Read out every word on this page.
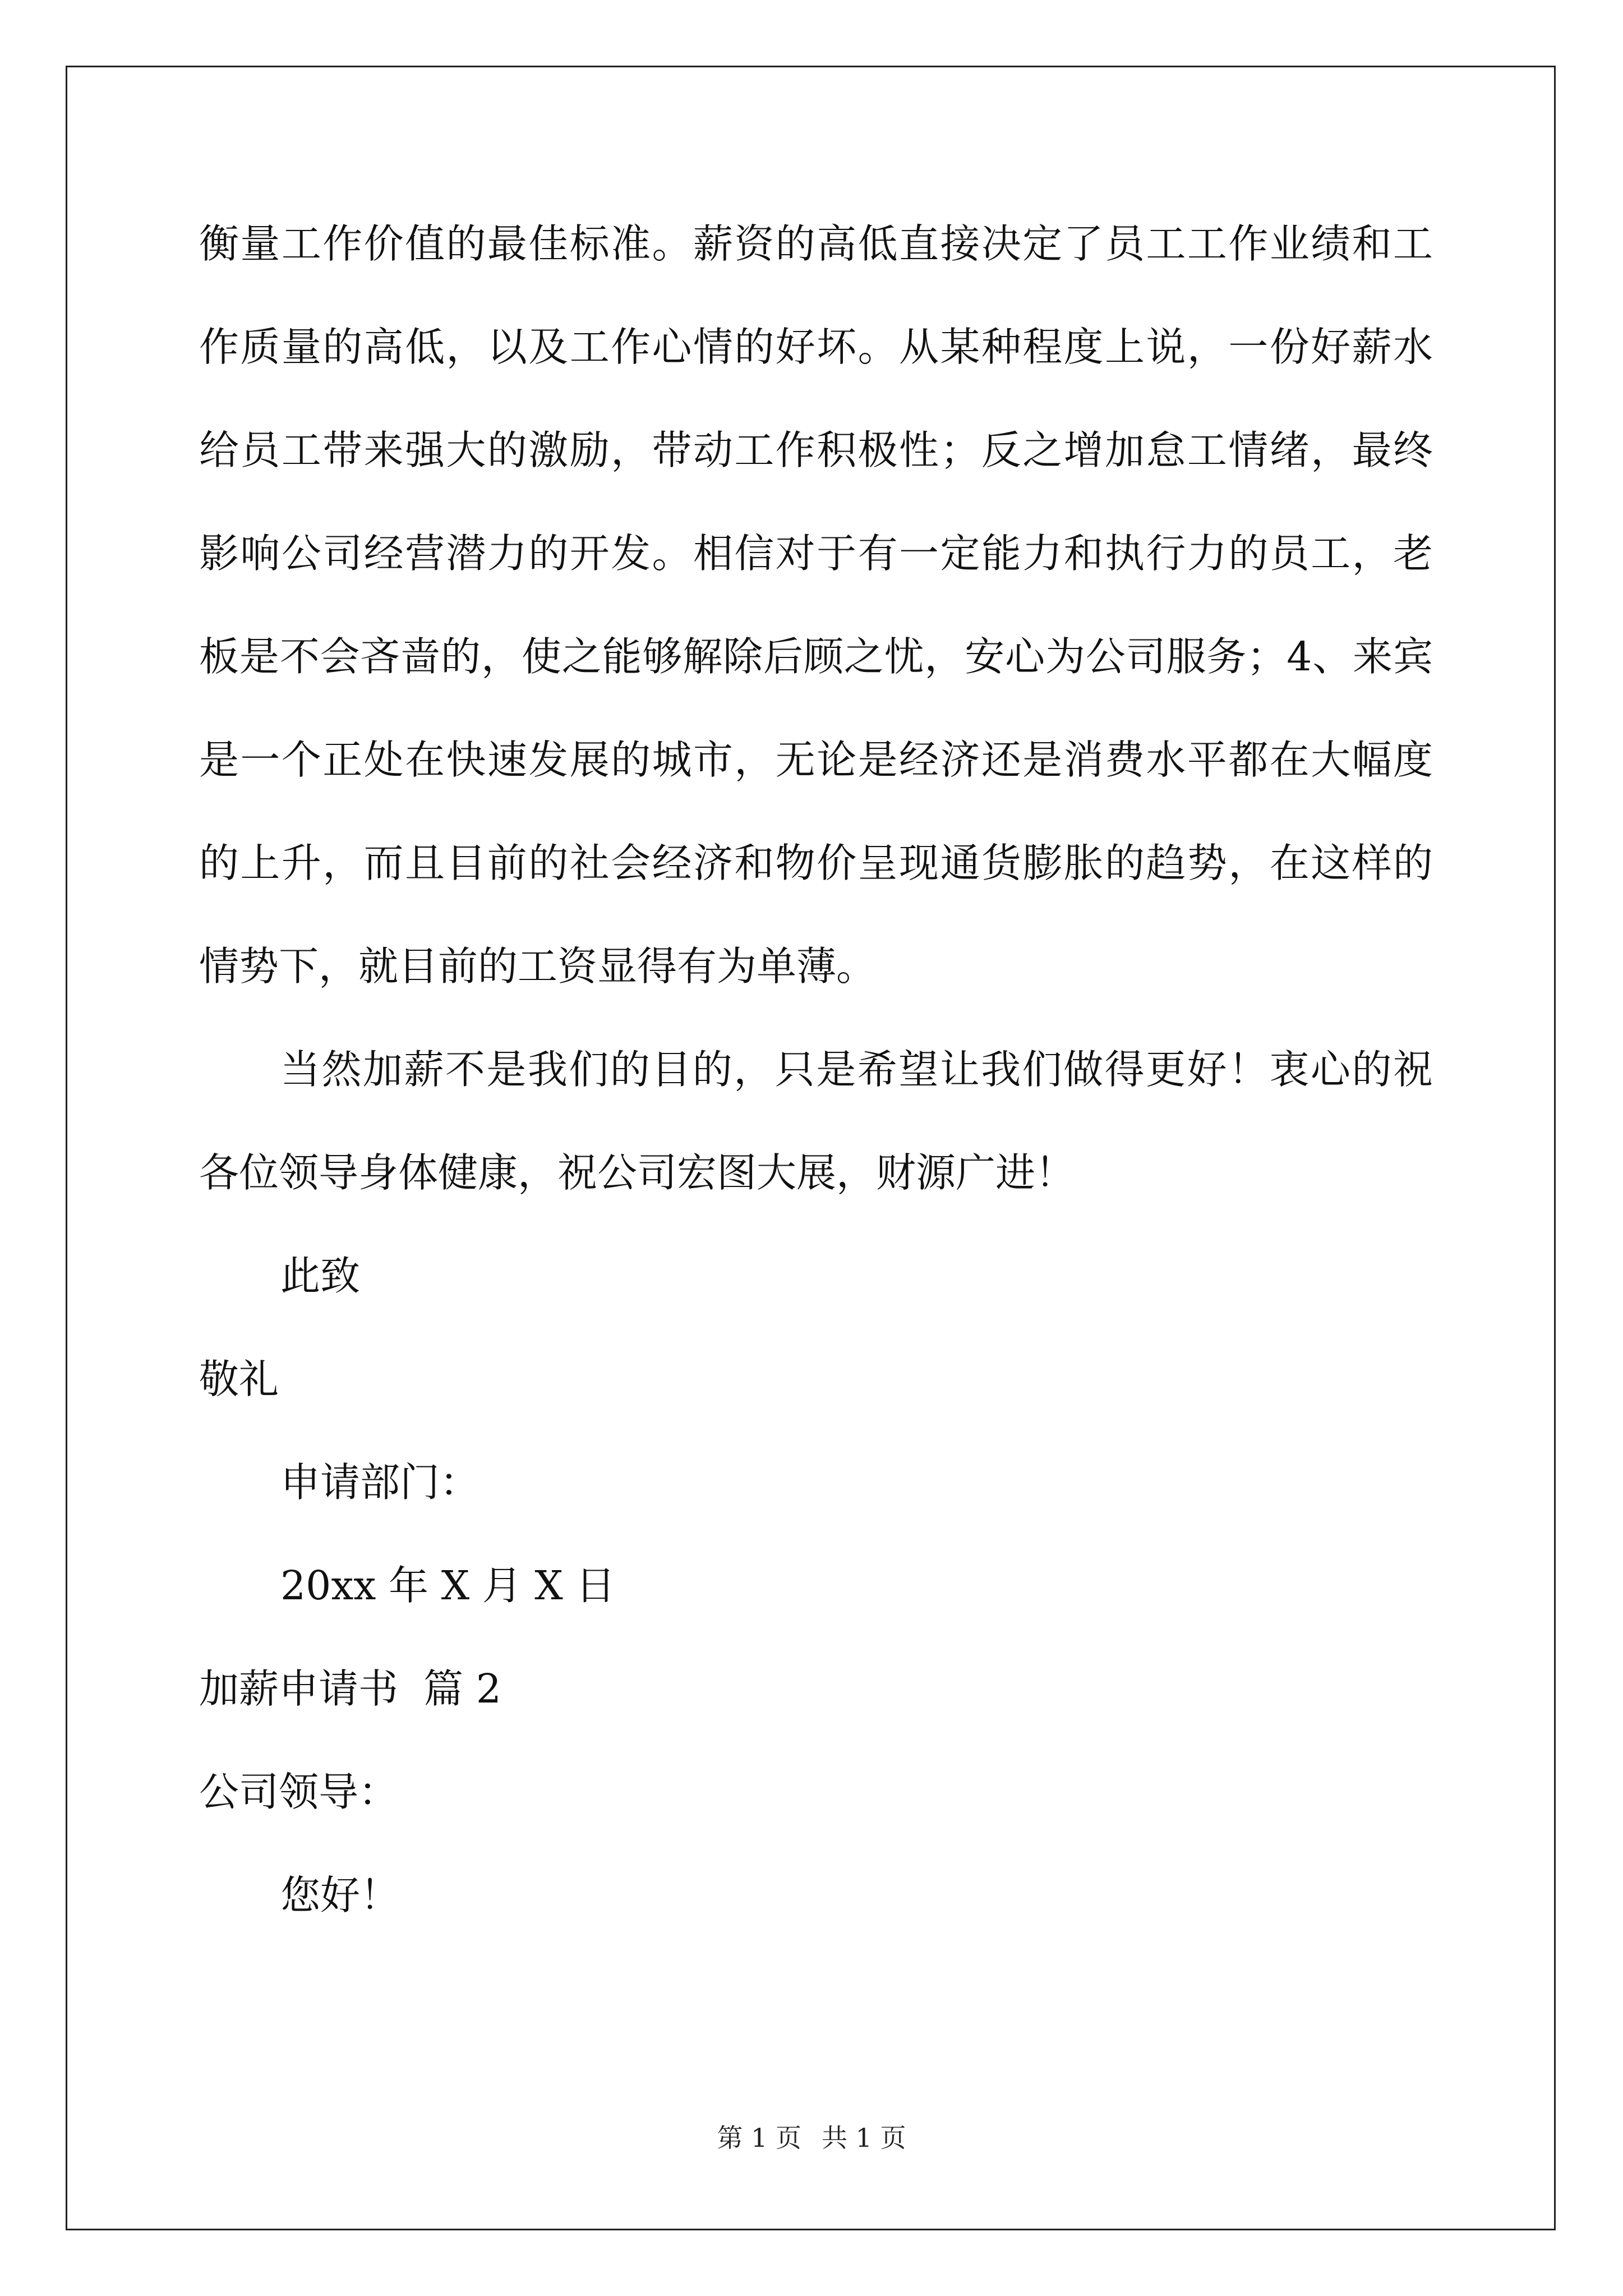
衡量工作价值的最佳标准。薪资的高低直接决定了员工工作业绩和工
作质量的高低，以及工作心情的好坏。从某种程度上说，一份好薪水
给员工带来强大的激励，带动工作积极性；反之增加怠工情绪，最终
影响公司经营潜力的开发。相信对于有一定能力和执行力的员工，老
板是不会吝啬的，使之能够解除后顾之忧，安心为公司服务；4、来宾
是一个正处在快速发展的城市，无论是经济还是消费水平都在大幅度
的上升，而且目前的社会经济和物价呈现通货膨胀的趋势，在这样的
情势下，就目前的工资显得有为单薄。
当然加薪不是我们的目的，只是希望让我们做得更好！衷心的祝
各位领导身体健康，祝公司宏图大展，财源广进！
此致
敬礼
申请部门：
20xx 年 X 月 X 日
加薪申请书  篇 2
公司领导：
您好！
第 1 页 共 1 页
